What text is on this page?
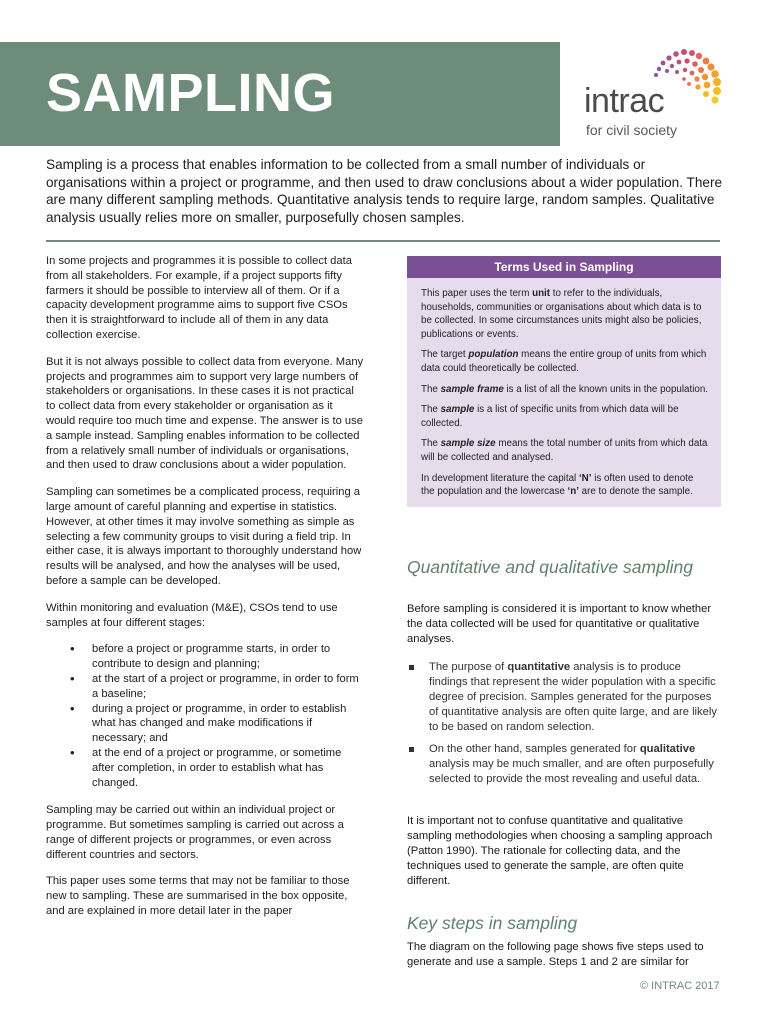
SAMPLING	intrac
for civil society

Sampling is a process that enables information to be collected from a small number of individuals or organisations within a project or programme, and then used to draw conclusions about a wider population. There are many different sampling methods. Quantitative analysis tends to require large, random samples. Qualitative analysis usually relies more on smaller, purposefully chosen samples.

In some projects and programmes it is possible to collect data from all stakeholders. For example, if a project supports fifty farmers it should be possible to interview all of them. Or if a capacity development programme aims to support five CSOs then it is straightforward to include all of them in any data collection exercise.

But it is not always possible to collect data from everyone. Many projects and programmes aim to support very large numbers of stakeholders or organisations. In these cases it is not practical to collect data from every stakeholder or organisation as it would require too much time and expense. The answer is to use a sample instead. Sampling enables information to be collected from a relatively small number of individuals or organisations, and then used to draw conclusions about a wider population.

Sampling can sometimes be a complicated process, requiring a large amount of careful planning and expertise in statistics. However, at other times it may involve something as simple as selecting a few community groups to visit during a field trip. In either case, it is always important to thoroughly understand how results will be analysed, and how the analyses will be used, before a sample can be developed.

Within monitoring and evaluation (M&E), CSOs tend to use samples at four different stages:

• before a project or programme starts, in order to contribute to design and planning;
• at the start of a project or programme, in order to form a baseline;
• during a project or programme, in order to establish what has changed and make modifications if necessary; and
• at the end of a project or programme, or sometime after completion, in order to establish what has changed.

Sampling may be carried out within an individual project or programme. But sometimes sampling is carried out across a range of different projects or programmes, or even across different countries and sectors.

This paper uses some terms that may not be familiar to those new to sampling. These are summarised in the box opposite, and are explained in more detail later in the paper

Terms Used in Sampling

This paper uses the term unit to refer to the individuals, households, communities or organisations about which data is to be collected. In some circumstances units might also be policies, publications or events.

The target population means the entire group of units from which data could theoretically be collected.

The sample frame is a list of all the known units in the population.

The sample is a list of specific units from which data will be collected.

The sample size means the total number of units from which data will be collected and analysed.

In development literature the capital ‘N’ is often used to denote the population and the lowercase ‘n’ are to denote the sample.

Quantitative and qualitative sampling

Before sampling is considered it is important to know whether the data collected will be used for quantitative or qualitative analyses.

The purpose of quantitative analysis is to produce findings that represent the wider population with a specific degree of precision. Samples generated for the purposes of quantitative analysis are often quite large, and are likely to be based on random selection.
On the other hand, samples generated for qualitative analysis may be much smaller, and are often purposefully selected to provide the most revealing and useful data.

It is important not to confuse quantitative and qualitative sampling methodologies when choosing a sampling approach (Patton 1990). The rationale for collecting data, and the techniques used to generate the sample, are often quite different.

Key steps in sampling

The diagram on the following page shows five steps used to generate and use a sample. Steps 1 and 2 are similar for

© INTRAC 2017
